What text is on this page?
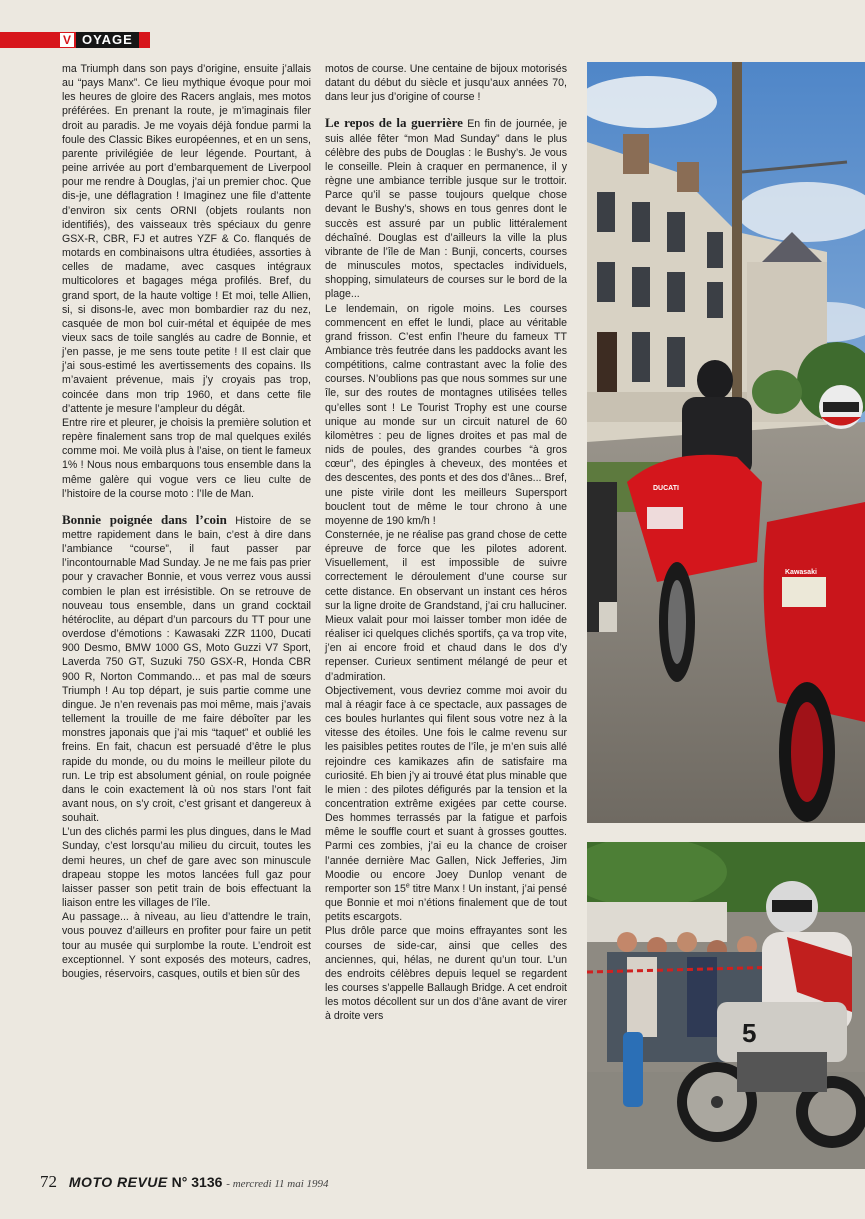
V OYAGE

ma Triumph dans son pays d’origine, ensuite j’allais au “pays Manx”. Ce lieu mythique évoque pour moi les heures de gloire des Racers anglais, mes motos préférées. En prenant la route, je m’imaginais filer droit au paradis. Je me voyais déjà fondue parmi la foule des Classic Bikes européennes, et en un sens, parente privilégiée de leur légende. Pourtant, à peine arrivée au port d’embarquement de Liverpool pour me rendre à Douglas, j’ai un premier choc. Que dis-je, une déflagration ! Imaginez une file d’attente d’environ six cents ORNI (objets roulants non identifiés), des vaisseaux très spéciaux du genre GSX-R, CBR, FJ et autres YZF & Co. flanqués de motards en combinaisons ultra étudiées, assorties à celles de madame, avec casques intégraux multicolores et bagages méga profilés. Bref, du grand sport, de la haute voltige ! Et moi, telle Allien, si, si disons-le, avec mon bombardier raz du nez, casquée de mon bol cuir-métal et équipée de mes vieux sacs de toile sanglés au cadre de Bonnie, et j’en passe, je me sens toute petite ! Il est clair que j’ai sous-estimé les avertissements des copains. Ils m’avaient prévenue, mais j’y croyais pas trop, coincée dans mon trip 1960, et dans cette file d’attente je mesure l’ampleur du dégât.

Entre rire et pleurer, je choisis la première solution et repère finalement sans trop de mal quelques exilés comme moi. Me voilà plus à l’aise, on tient le fameux 1% ! Nous nous embarquons tous ensemble dans la même galère qui vogue vers ce lieu culte de l’histoire de la course moto : l’Ile de Man.

Bonnie poignée dans l’coin Histoire de se mettre rapidement dans le bain, c’est à dire dans l’ambiance “course”, il faut passer par l’incontournable Mad Sunday. Je ne me fais pas prier pour y cravacher Bonnie, et vous verrez vous aussi combien le plan est irrésistible. On se retrouve de nouveau tous ensemble, dans un grand cocktail hétéroclite, au départ d’un parcours du TT pour une overdose d’émotions : Kawasaki ZZR 1100, Ducati 900 Desmo, BMW 1000 GS, Moto Guzzi V7 Sport, Laverda 750 GT, Suzuki 750 GSX-R, Honda CBR 900 R, Norton Commando... et pas mal de sœurs Triumph ! Au top départ, je suis partie comme une dingue. Je n’en revenais pas moi même, mais j’avais tellement la trouille de me faire déboîter par les monstres japonais que j’ai mis “taquet” et oublié les freins. En fait, chacun est persuadé d’être le plus rapide du monde, ou du moins le meilleur pilote du run. Le trip est absolument génial, on roule poignée dans le coin exactement là où nos stars l’ont fait avant nous, on s’y croit, c’est grisant et dangereux à souhait.

L’un des clichés parmi les plus dingues, dans le Mad Sunday, c’est lorsqu’au milieu du circuit, toutes les demi heures, un chef de gare avec son minuscule drapeau stoppe les motos lancées full gaz pour laisser passer son petit train de bois effectuant la liaison entre les villages de l’île.

Au passage... à niveau, au lieu d’attendre le train, vous pouvez d’ailleurs en profiter pour faire un petit tour au musée qui surplombe la route. L’endroit est exceptionnel. Y sont exposés des moteurs, cadres, bougies, réservoirs, casques, outils et bien sûr des

motos de course. Une centaine de bijoux motorisés datant du début du siècle et jusqu’aux années 70, dans leur jus d’origine of course !

Le repos de la guerrière En fin de journée, je suis allée fêter “mon Mad Sunday” dans le plus célèbre des pubs de Douglas : le Bushy’s. Je vous le conseille. Plein à craquer en permanence, il y règne une ambiance terrible jusque sur le trottoir. Parce qu’il se passe toujours quelque chose devant le Bushy’s, shows en tous genres dont le succès est assuré par un public littéralement déchaîné. Douglas est d’ailleurs la ville la plus vibrante de l’île de Man : Bunji, concerts, courses de minuscules motos, spectacles individuels, shopping, simulateurs de courses sur le bord de la plage...

Le lendemain, on rigole moins. Les courses commencent en effet le lundi, place au véritable grand frisson. C’est enfin l’heure du fameux TT Ambiance très feutrée dans les paddocks avant les compétitions, calme contrastant avec la folie des courses. N’oublions pas que nous sommes sur une île, sur des routes de montagnes utilisées telles qu’elles sont ! Le Tourist Trophy est une course unique au monde sur un circuit naturel de 60 kilomètres : peu de lignes droites et pas mal de nids de poules, des grandes courbes “à gros cœur”, des épingles à cheveux, des montées et des descentes, des ponts et des dos d’ânes... Bref, une piste virile dont les meilleurs Supersport bouclent tout de même le tour chrono à une moyenne de 190 km/h !

Consternée, je ne réalise pas grand chose de cette épreuve de force que les pilotes adorent. Visuellement, il est impossible de suivre correctement le déroulement d’une course sur cette distance. En observant un instant ces héros sur la ligne droite de Grandstand, j’ai cru halluciner. Mieux valait pour moi laisser tomber mon idée de réaliser ici quelques clichés sportifs, ça va trop vite, j’en ai encore froid et chaud dans le dos d’y repenser. Curieux sentiment mélangé de peur et d’admiration.

Objectivement, vous devriez comme moi avoir du mal à réagir face à ce spectacle, aux passages de ces boules hurlantes qui filent sous votre nez à la vitesse des étoiles. Une fois le calme revenu sur les paisibles petites routes de l’île, je m’en suis allé rejoindre ces kamikazes afin de satisfaire ma curiosité. Eh bien j’y ai trouvé état plus minable que le mien : des pilotes défigurés par la tension et la concentration extrême exigées par cette course. Des hommes terrassés par la fatigue et parfois même le souffle court et suant à grosses gouttes. Parmi ces zombies, j’ai eu la chance de croiser l’année dernière Mac Gallen, Nick Jefferies, Jim Moodie ou encore Joey Dunlop venant de remporter son 15e titre Manx ! Un instant, j’ai pensé que Bonnie et moi n’étions finalement que de tout petits escargots.

Plus drôle parce que moins effrayantes sont les courses de side-car, ainsi que celles des anciennes, qui, hélas, ne durent qu’un tour. L’un des endroits célèbres depuis lequel se regardent les courses s’appelle Ballaugh Bridge. A cet endroit les motos décollent sur un dos d’âne avant de virer à droite vers

DUCATI
Kawasaki
5
72 MOTO REVUE N° 3136 - mercredi 11 mai 1994
